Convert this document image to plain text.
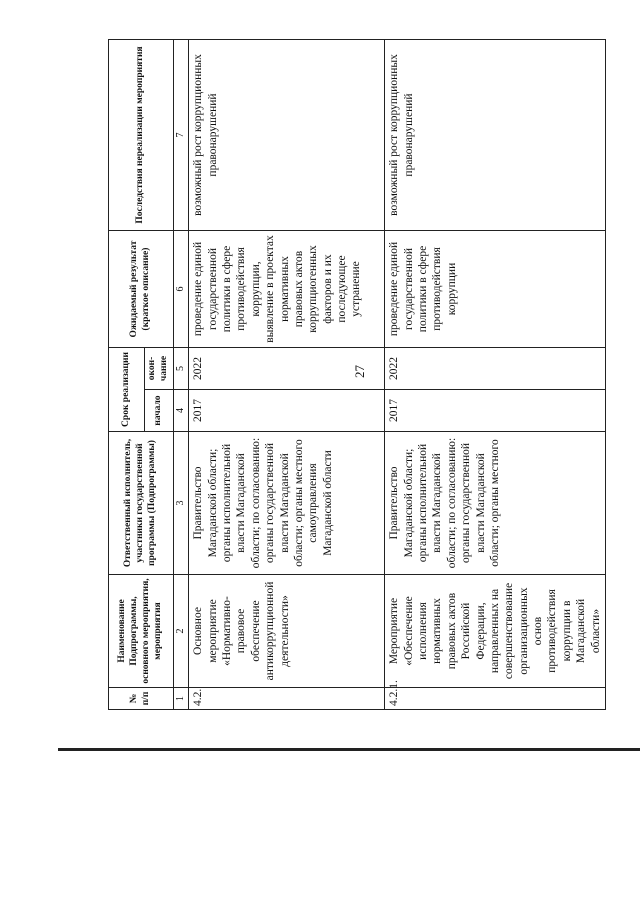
27
№ п/п	Наименование Подпрограммы, основного мероприятия, мероприятия	Ответственный исполнитель, участники государственной программы (Подпрограммы)	Срок реализации		Ожидаемый результат (краткое описание)	Последствия нереализации мероприятия
			начало	окон-чание		
1	2	3	4	5	6	7
4.2.	Основное мероприятие «Нормативно-правовое обеспечение антикоррупционной деятельности»	Правительство Магаданской области; органы исполнительной власти Магаданской области; по согласованию: органы государственной власти Магаданской области; органы местного самоуправления Магаданской области	2017	2022	проведение единой государственной политики в сфере противодействия коррупции, выявление в проектах нормативных правовых актов коррупциогенных факторов и их последующее устранение	возможный рост коррупционных правонарушений
4.2.1.	Мероприятие «Обеспечение исполнения нормативных правовых актов Российской Федерации, направленных на совершенствование организационных основ противодействия коррупции в Магаданской области»	Правительство Магаданской области; органы исполнительной власти Магаданской области; по согласованию: органы государственной власти Магаданской области; органы местного	2017	2022	проведение единой государственной политики в сфере противодействия коррупции	возможный рост коррупционных правонарушений
